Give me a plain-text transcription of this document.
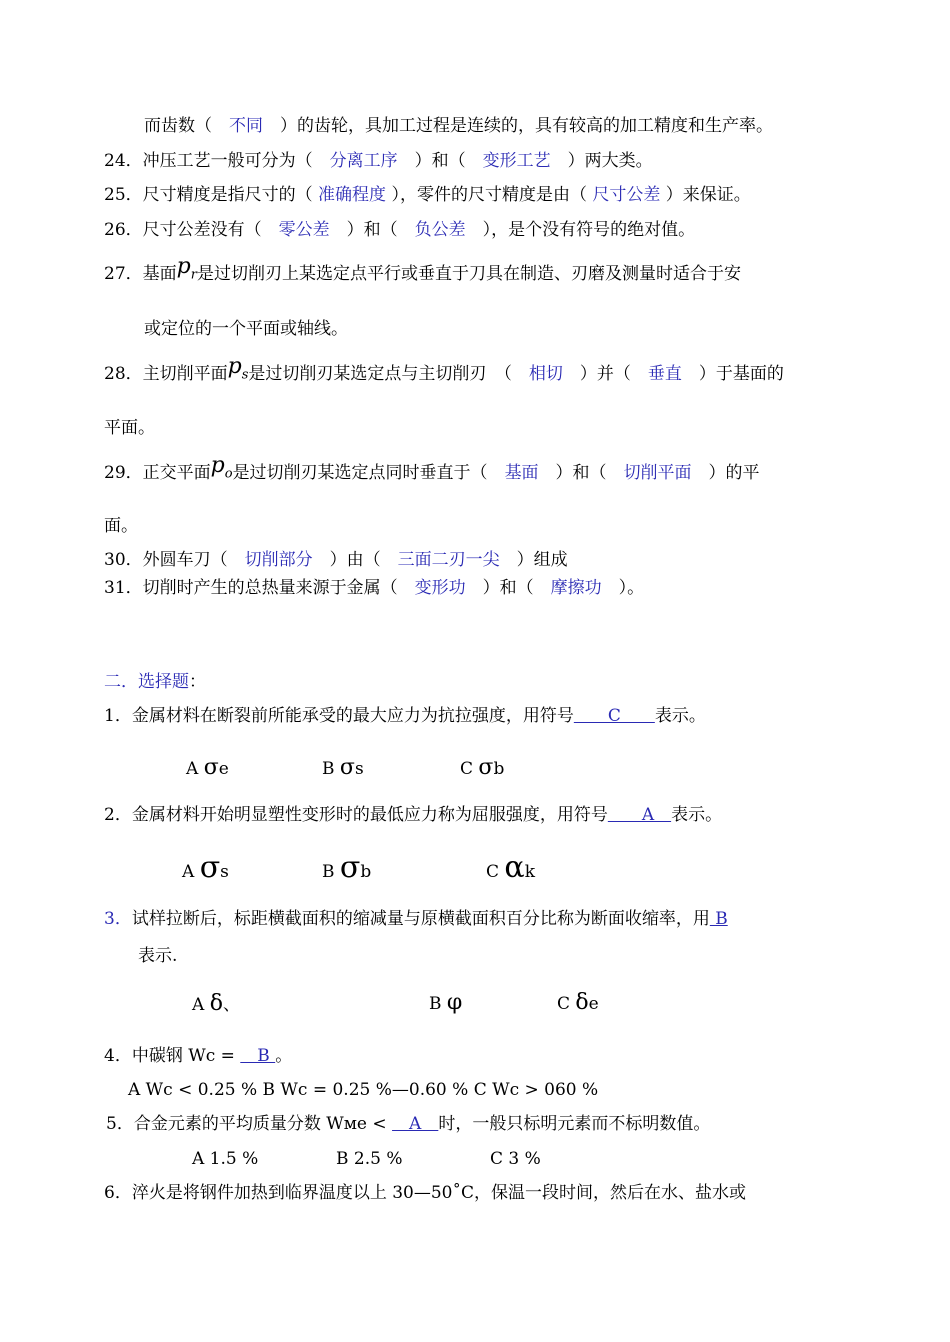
而齿数（　不同　）的齿轮，具加工过程是连续的，具有较高的加工精度和生产率。
24．冲压工艺一般可分为（　分离工序　）和（　变形工艺　）两大类。
25．尺寸精度是指尺寸的（ 准确程度 ），零件的尺寸精度是由（ 尺寸公差 ）来保证。
26．尺寸公差没有（　零公差　）和（　负公差　），是个没有符号的绝对值。
27．基面$p_r$是过切削刃上某选定点平行或垂直于刀具在制造、刃磨及测量时适合于安
或定位的一个平面或轴线。
28．主切削平面$p_s$是过切削刃某选定点与主切削刃　（　相切　）并（　垂直　）于基面的
平面。
29．正交平面$p_o$是过切削刃某选定点同时垂直于（　基面　）和（　切削平面　）的平
面。
30．外圆车刀（　切削部分　）由（　三面二刃一尖　）组成
31．切削时产生的总热量来源于金属（　变形功　）和（　摩擦功　）。
二．选择题：
1．金属材料在断裂前所能承受的最大应力为抗拉强度，用符号　　C　　表示。
A σe	B σs	C σb
2．金属材料开始明显塑性变形时的最低应力称为屈服强度，用符号　　A　表示。
A σs	B σb	C αk
3．试样拉断后，标距横截面积的缩减量与原横截面积百分比称为断面收缩率，用 B
表示.
A δ、	B φ	C δe
4．中碳钢 Wc = 　B 。
A Wc < 0.25 % B Wc = 0.25 %—0.60 % C Wc > 060 %
5．合金元素的平均质量分数 Wме < 　A　时，一般只标明元素而不标明数值。
A 1.5 %	B 2.5 %	C 3 %
6．淬火是将钢件加热到临界温度以上 30—50˚C，保温一段时间，然后在水、盐水或
